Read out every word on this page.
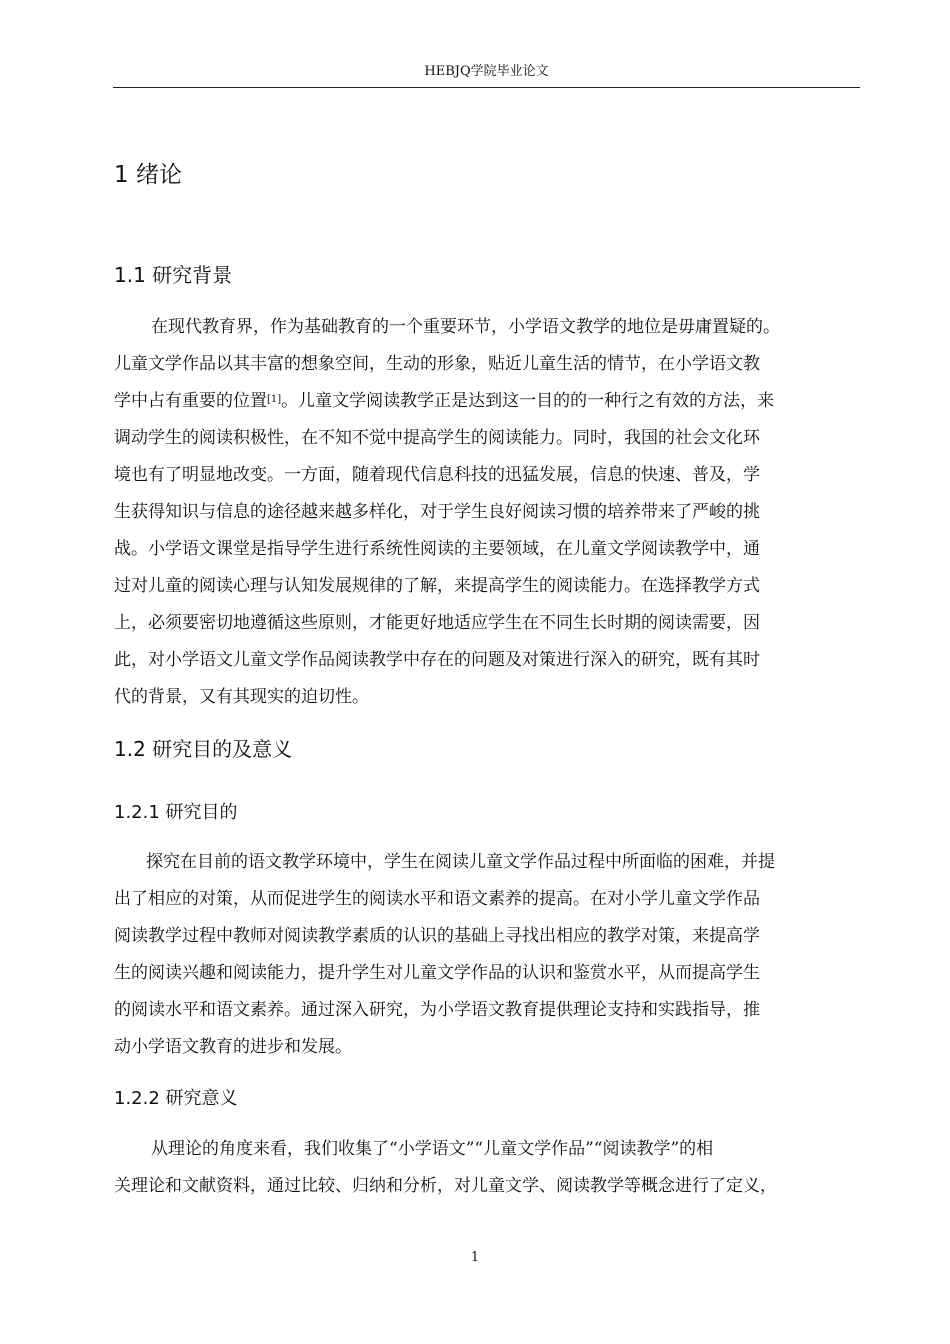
HEBJQ学院毕业论文
1 绪论
1.1 研究背景
在现代教育界，作为基础教育的一个重要环节，小学语文教学的地位是毋庸置疑的。
儿童文学作品以其丰富的想象空间，生动的形象，贴近儿童生活的情节，在小学语文教
学中占有重要的位置[1]。儿童文学阅读教学正是达到这一目的的一种行之有效的方法，来
调动学生的阅读积极性，在不知不觉中提高学生的阅读能力。同时，我国的社会文化环
境也有了明显地改变。一方面，随着现代信息科技的迅猛发展，信息的快速、普及，学
生获得知识与信息的途径越来越多样化，对于学生良好阅读习惯的培养带来了严峻的挑
战。小学语文课堂是指导学生进行系统性阅读的主要领域，在儿童文学阅读教学中，通
过对儿童的阅读心理与认知发展规律的了解，来提高学生的阅读能力。在选择教学方式
上，必须要密切地遵循这些原则，才能更好地适应学生在不同生长时期的阅读需要，因
此，对小学语文儿童文学作品阅读教学中存在的问题及对策进行深入的研究，既有其时
代的背景，又有其现实的迫切性。
1.2 研究目的及意义
1.2.1 研究目的
探究在目前的语文教学环境中，学生在阅读儿童文学作品过程中所面临的困难，并提
出了相应的对策，从而促进学生的阅读水平和语文素养的提高。在对小学儿童文学作品
阅读教学过程中教师对阅读教学素质的认识的基础上寻找出相应的教学对策，来提高学
生的阅读兴趣和阅读能力，提升学生对儿童文学作品的认识和鉴赏水平，从而提高学生
的阅读水平和语文素养。通过深入研究，为小学语文教育提供理论支持和实践指导，推
动小学语文教育的进步和发展。
1.2.2 研究意义
从理论的角度来看，我们收集了“小学语文”“儿童文学作品”“阅读教学”的相
关理论和文献资料，通过比较、归纳和分析，对儿童文学、阅读教学等概念进行了定义，
1
